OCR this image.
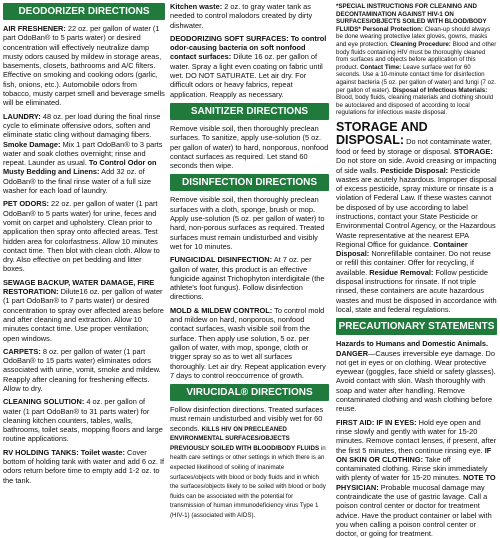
DEODORIZER DIRECTIONS

AIR FRESHENER: 22 oz. per gallon of water (1 part OdoBan® to 5 parts water) or desired concentration will effectively neutralize damp musty odors caused by mildew in storage areas, basements, closets, bathrooms and A/C filters. Effective on smoking and cooking odors (garlic, fish, onions, etc.). Automobile odors from tobacco, musty carpet smell and beverage smells will be eliminated.

LAUNDRY: 48 oz. per load during the final rinse cycle to eliminate offensive odors, soften and eliminate static cling without damaging fibers. Smoke Damage: Mix 1 part OdoBan® to 3 parts water and soak clothes overnight; rinse and repeat. Launder as usual. To Control Odor on Musty Bedding and Linens: Add 32 oz. of OdoBan® to the final rinse water of a full size washer for each load of laundry.

PET ODORS: 22 oz. per gallon of water (1 part OdoBan® to 5 parts water) for urine, feces and vomit on carpet and upholstery. Clean prior to application then spray onto affected areas. Test hidden area for colorfastness. Allow 10 minutes contact time. Then blot with clean cloth. Allow to dry. Also effective on pet bedding and litter boxes.

SEWAGE BACKUP, WATER DAMAGE, FIRE RESTORATION: Dilute16 oz. per gallon of water (1 part OdoBan® to 7 parts water) or desired concentration to spray over affected areas before and after cleaning and extraction. Allow 10 minutes contact time. Use proper ventilation; open windows.

CARPETS: 8 oz. per gallon of water (1 part OdoBan® to 15 parts water) eliminates odors associated with urine, vomit, smoke and mildew. Reapply after cleaning for freshening effects. Allow to dry.

CLEANING SOLUTION: 4 oz. per gallon of water (1 part OdoBan® to 31 parts water) for cleaning kitchen counters, tables, walls, bathrooms, toilet seats, mopping floors and large routine applications.

RV HOLDING TANKS: Toilet waste: Cover bottom of holding tank with water and add 6 oz. If odors return before time to empty add 1-2 oz. to the tank.

Kitchen waste: 2 oz. to gray water tank as needed to control malodors created by dirty dishwater.

DEODORIZING SOFT SURFACES: To control odor-causing bacteria on soft nonfood contact surfaces: Dilute 16 oz. per gallon of water. Spray a light even coating on fabric until wet. DO NOT SATURATE. Let air dry. For difficult odors or heavy fabrics, repeat application. Reapply as necessary.

SANITIZER DIRECTIONS

Remove visible soil, then thoroughly preclean surfaces. To sanitize, apply use-solution (5 oz. per gallon of water) to hard, nonporous, nonfood contact surfaces as required. Let stand 60 seconds then wipe.

DISINFECTION DIRECTIONS

Remove visible soil, then thoroughly preclean surfaces with a cloth, sponge, brush or mop. Apply use-solution (5 oz. per gallon of water) to hard, non-porous surfaces as required. Treated surfaces must remain undisturbed and visibly wet for 10 minutes.

FUNGICIDAL DISINFECTION: At 7 oz. per gallon of water, this product is an effective fungicide against Trichophyton interdigitale (the athlete's foot fungus). Follow disinfection directions.

MOLD & MILDEW CONTROL: To control mold and mildew on hard, nonporous, nonfood contact surfaces, wash visible soil from the surface. Then apply use solution, 5 oz. per gallon of water, with mop, sponge, cloth or trigger spray so as to wet all surfaces thoroughly. Let air dry. Repeat application every 7 days to control reoccurrence of growth.

VIRUCIDAL® DIRECTIONS

Follow disinfection directions. Treated surfaces must remain undisturbed and visibly wet for 60 seconds. KILLS HIV ON PRECLEANED ENVIRONMENTAL SURFACES/OBJECTS PREVIOUSLY SOILED WITH BLOOD/BODY FLUIDS in health care settings or other settings in which there is an expected likelihood of soiling of inanimate surfaces/objects with blood or body fluids and in which the surfaces/objects likely to be soiled with blood or body fluids can be associated with the potential for transmission of human immunodeficiency virus Type 1 (HIV-1) (associated with AIDS).

*SPECIAL INSTRUCTIONS FOR CLEANING AND DECONTAMINATION AGAINST HIV-1 ON SURFACES/OBJECTS SOILED WITH BLOOD/BODY FLUIDS* Personal Protection: Clean-up should always be done wearing protective latex gloves, gowns, masks and eye protection. Cleaning Procedure: Blood and other body fluids containing HIV must be thoroughly cleaned from surfaces and objects before application of this product. Contact Time: Leave surface wet for 60 seconds. Use a 10-minute contact time for disinfection against bacteria (5 oz. per gallon of water) and fungi (7 oz. per gallon of water). Disposal of Infectious Materials: Blood, body fluids, cleaning materials and clothing should be autoclaved and disposed of according to local regulations for infectious waste disposal.

STORAGE AND DISPOSAL: Do not contaminate water, food or feed by storage or disposal. STORAGE: Do not store on side. Avoid creasing or impacting of side walls. Pesticide Disposal: Pesticide wastes are acutely hazardous. Improper disposal of excess pesticide, spray mixture or rinsate is a violation of Federal Law. If these wastes cannot be disposed of by use according to label instructions, contact your State Pesticide or Environmental Control Agency, or the Hazardous Waste representative at the nearest EPA Regional Office for guidance. Container Disposal: Nonrefillable container. Do not reuse or refill this container. Offer for recycling, if available. Residue Removal: Follow pesticide disposal instructions for rinsate. If not triple rinsed, these containers are acute hazardous wastes and must be disposed in accordance with local, state and federal regulations.

PRECAUTIONARY STATEMENTS

Hazards to Humans and Domestic Animals.
DANGER—Causes irreversible eye damage. Do not get in eyes or on clothing. Wear protective eyewear (goggles, face shield or safety glasses). Avoid contact with skin. Wash thoroughly with soap and water after handling. Remove contaminated clothing and wash clothing before reuse.

FIRST AID: IF IN EYES: Hold eye open and rinse slowly and gently with water for 15-20 minutes. Remove contact lenses, if present, after the first 5 minutes, then continue rinsing eye. IF ON SKIN OR CLOTHING: Take off contaminated clothing. Rinse skin immediately with plenty of water for 15-20 minutes. NOTE TO PHYSICIAN: Probable mucosal damage may contraindicate the use of gastric lavage. Call a poison control center or doctor for treatment advice. Have the product container or label with you when calling a poison control center or doctor, or going for treatment.
